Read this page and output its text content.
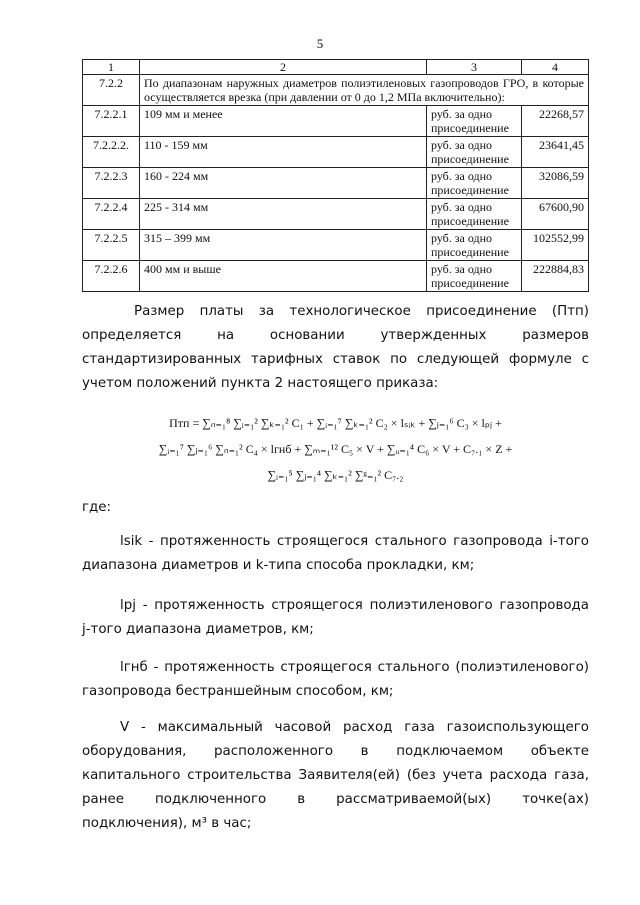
5
1	2	3	4
7.2.2	По диапазонам наружных диаметров полиэтиленовых газопроводов ГРО, в которые осуществляется врезка (при давлении от 0 до 1,2 МПа включительно):		
7.2.2.1	109 мм и менее	руб. за одно присоединение	22268,57
7.2.2.2.	110 - 159 мм	руб. за одно присоединение	23641,45
7.2.2.3	160 - 224 мм	руб. за одно присоединение	32086,59
7.2.2.4	225 - 314 мм	руб. за одно присоединение	67600,90
7.2.2.5	315 – 399 мм	руб. за одно присоединение	102552,99
7.2.2.6	400 мм и выше	руб. за одно присоединение	222884,83
Размер платы за технологическое присоединение (Птп) определяется на основании утвержденных размеров стандартизированных тарифных ставок по следующей формуле с учетом положений пункта 2 настоящего приказа:
Птп = ∑ₙ₌₁⁸ ∑ᵢ₌₁² ∑ₖ₌₁² C₁ + ∑ᵢ₌₁⁷ ∑ₖ₌₁² C₂ × lₛᵢₖ + ∑ⱼ₌₁⁶ C₃ × lₚⱼ +
∑ᵢ₌₁⁷ ∑ⱼ₌₁⁶ ∑ₙ₌₁² C₄ × lгнб + ∑ₘ₌₁¹² C₅ × V + ∑ᵤ₌₁⁴ C₆ × V + C₇.₁ × Z +
∑ᵢ₌₁⁵ ∑ⱼ₌₁⁴ ∑ₖ₌₁² ∑ᵍ₌₁² C₇.₂
где:
lsik - протяженность строящегося стального газопровода i-того диапазона диаметров и k-типа способа прокладки, км;
lpj - протяженность строящегося полиэтиленового газопровода j-того диапазона диаметров, км;
lгнб - протяженность строящегося стального (полиэтиленового) газопровода бестраншейным способом, км;
V - максимальный часовой расход газа газоиспользующего оборудования, расположенного в подключаемом объекте капитального строительства Заявителя(ей) (без учета расхода газа, ранее подключенного в рассматриваемой(ых) точке(ах) подключения), м³ в час;
